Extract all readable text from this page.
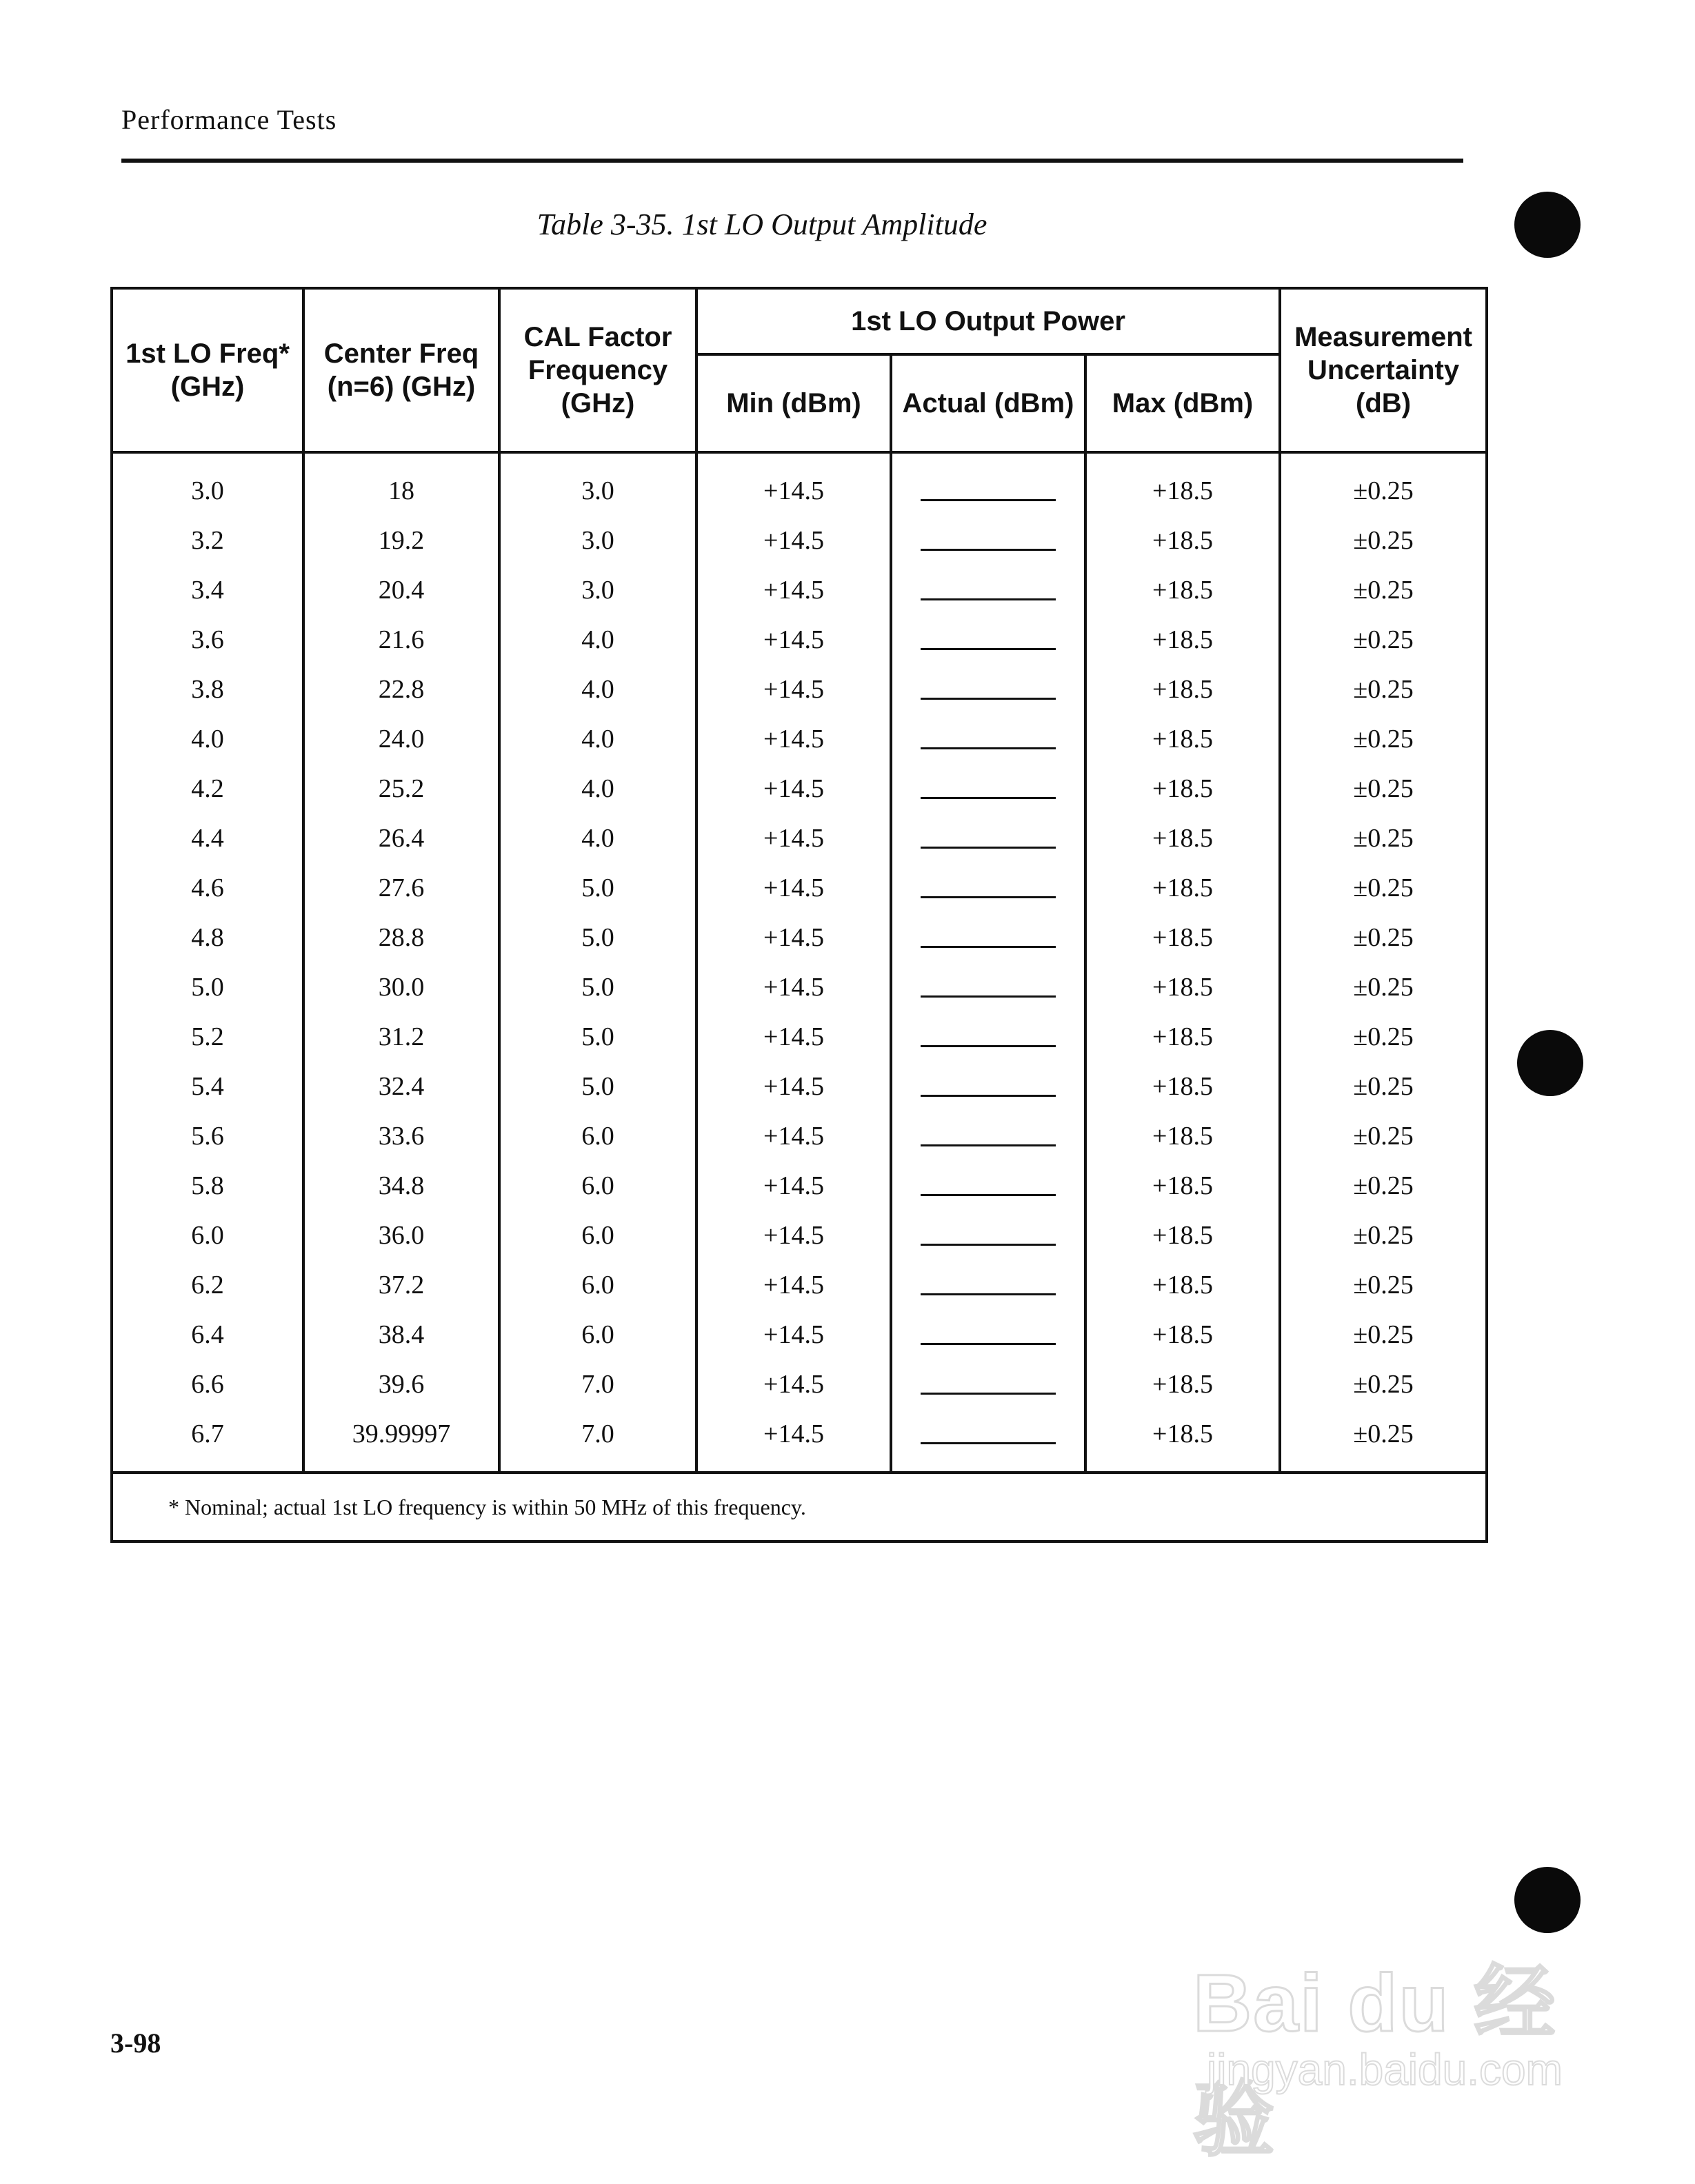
Performance Tests
Table 3-35. 1st LO Output Amplitude
1st LO Freq* (GHz)	Center Freq (n=6) (GHz)	CAL Factor Frequency (GHz)	1st LO Output Power			Measurement Uncertainty (dB)
			Min (dBm)	Actual (dBm)	Max (dBm)	
3.0	18	3.0	+14.5		+18.5	±0.25
3.2	19.2	3.0	+14.5		+18.5	±0.25
3.4	20.4	3.0	+14.5		+18.5	±0.25
3.6	21.6	4.0	+14.5		+18.5	±0.25
3.8	22.8	4.0	+14.5		+18.5	±0.25
4.0	24.0	4.0	+14.5		+18.5	±0.25
4.2	25.2	4.0	+14.5		+18.5	±0.25
4.4	26.4	4.0	+14.5		+18.5	±0.25
4.6	27.6	5.0	+14.5		+18.5	±0.25
4.8	28.8	5.0	+14.5		+18.5	±0.25
5.0	30.0	5.0	+14.5		+18.5	±0.25
5.2	31.2	5.0	+14.5		+18.5	±0.25
5.4	32.4	5.0	+14.5		+18.5	±0.25
5.6	33.6	6.0	+14.5		+18.5	±0.25
5.8	34.8	6.0	+14.5		+18.5	±0.25
6.0	36.0	6.0	+14.5		+18.5	±0.25
6.2	37.2	6.0	+14.5		+18.5	±0.25
6.4	38.4	6.0	+14.5		+18.5	±0.25
6.6	39.6	7.0	+14.5		+18.5	±0.25
6.7	39.99997	7.0	+14.5		+18.5	±0.25
* Nominal; actual 1st LO frequency is within 50 MHz of this frequency.						
3-98	Bai du 经验
jingyan.baidu.com
